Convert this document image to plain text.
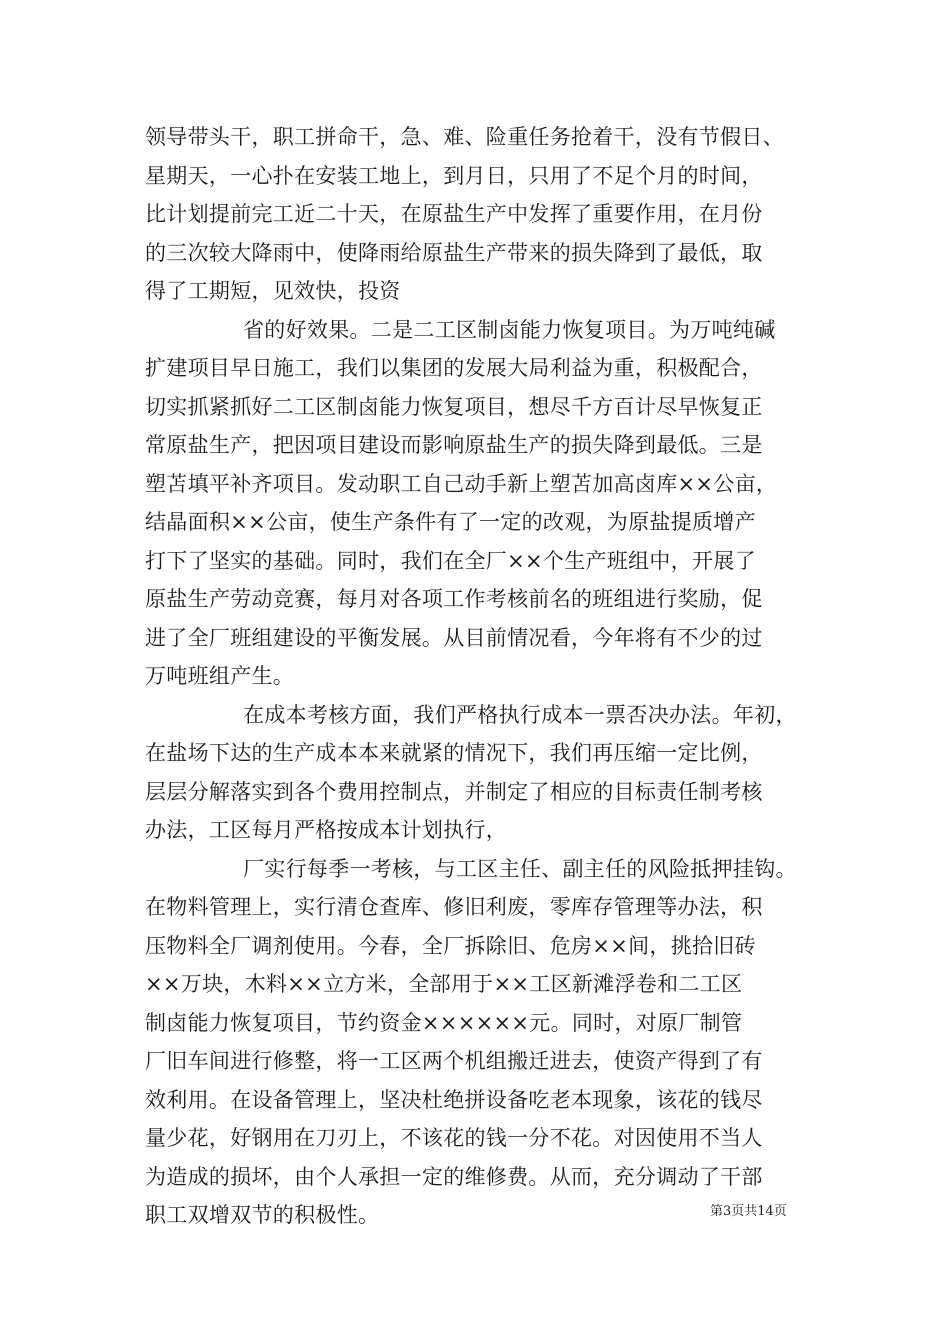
领导带头干，职工拼命干，急、难、险重任务抢着干，没有节假日、
星期天，一心扑在安装工地上，到月日，只用了不足个月的时间，
比计划提前完工近二十天，在原盐生产中发挥了重要作用，在月份
的三次较大降雨中，使降雨给原盐生产带来的损失降到了最低，取
得了工期短，见效快，投资
省的好效果。二是二工区制卤能力恢复项目。为万吨纯碱
扩建项目早日施工，我们以集团的发展大局利益为重，积极配合，
切实抓紧抓好二工区制卤能力恢复项目，想尽千方百计尽早恢复正
常原盐生产，把因项目建设而影响原盐生产的损失降到最低。三是
塑苫填平补齐项目。发动职工自己动手新上塑苫加高卤库××公亩，
结晶面积××公亩，使生产条件有了一定的改观，为原盐提质增产
打下了坚实的基础。同时，我们在全厂××个生产班组中，开展了
原盐生产劳动竞赛，每月对各项工作考核前名的班组进行奖励，促
进了全厂班组建设的平衡发展。从目前情况看，今年将有不少的过
万吨班组产生。
在成本考核方面，我们严格执行成本一票否决办法。年初，
在盐场下达的生产成本本来就紧的情况下，我们再压缩一定比例，
层层分解落实到各个费用控制点，并制定了相应的目标责任制考核
办法，工区每月严格按成本计划执行，
厂实行每季一考核，与工区主任、副主任的风险抵押挂钩。
在物料管理上，实行清仓查库、修旧利废，零库存管理等办法，积
压物料全厂调剂使用。今春，全厂拆除旧、危房××间，挑拾旧砖
××万块，木料××立方米，全部用于××工区新滩浮卷和二工区
制卤能力恢复项目，节约资金××××××元。同时，对原厂制管
厂旧车间进行修整，将一工区两个机组搬迁进去，使资产得到了有
效利用。在设备管理上，坚决杜绝拼设备吃老本现象，该花的钱尽
量少花，好钢用在刀刃上，不该花的钱一分不花。对因使用不当人
为造成的损坏，由个人承担一定的维修费。从而，充分调动了干部
职工双增双节的积极性。	第3页共14页
